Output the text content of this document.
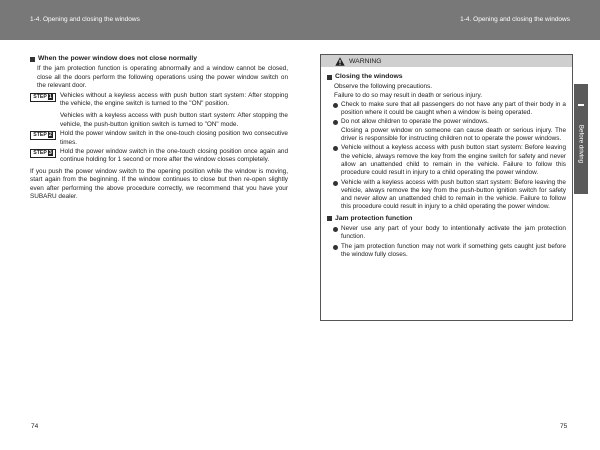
1-4. Opening and closing the windows	1-4. Opening and closing the windows
When the power window does not close normally

If the jam protection function is operating abnormally and a window cannot be closed, close all the doors perform the following operations using the power window switch on the relevant door.

STEP 1	Vehicles without a keyless access with push button start system: After stopping the vehicle, the engine switch is turned to the "ON" position.

Vehicles with a keyless access with push button start system: After stopping the vehicle, the push-button ignition switch is turned to "ON" mode.

STEP 2	Hold the power window switch in the one-touch closing position two consecutive times.

STEP 3	Hold the power window switch in the one-touch closing position once again and continue holding for 1 second or more after the window closes completely.

If you push the power window switch to the opening position while the window is moving, start again from the beginning. If the window continues to close but then re-open slightly even after performing the above procedure correctly, we recommend that you have your SUBARU dealer.

WARNING
Closing the windows

Observe the following precautions.

Failure to do so may result in death or serious injury.

Check to make sure that all passengers do not have any part of their body in a position where it could be caught when a window is being operated.

Do not allow children to operate the power windows.

Closing a power window on someone can cause death or serious injury. The driver is responsible for instructing children not to operate the power windows.

Vehicle without a keyless access with push button start system: Before leaving the vehicle, always remove the key from the engine switch for safety and never allow an unattended child to remain in the vehicle. Failure to follow this procedure could result in injury to a child operating the power window.
Vehicle with a keyless access with push button start system: Before leaving the vehicle, always remove the key from the push-button ignition switch for safety and never allow an unattended child to remain in the vehicle. Failure to follow this procedure could result in injury to a child operating the power window.
Jam protection function
Never use any part of your body to intentionally activate the jam protection function.
The jam protection function may not work if something gets caught just before the window fully closes.
Before driving
74	75
